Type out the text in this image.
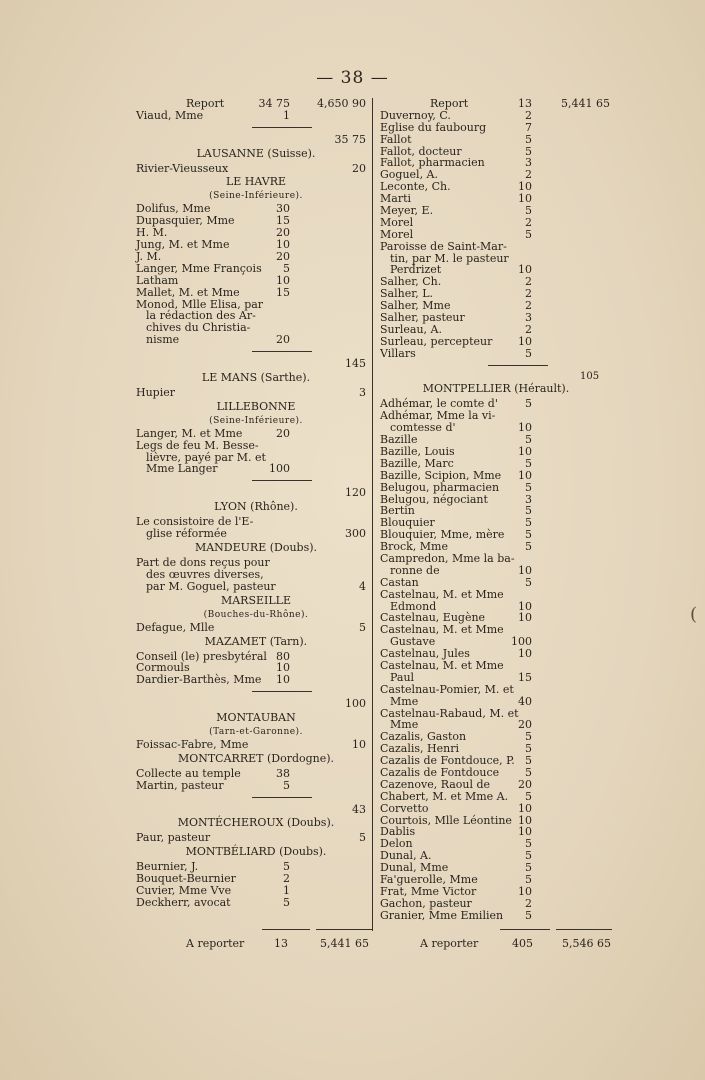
— 38 —
Report	34 75	4,650 90
Viaud, Mme	1
35 75
LAUSANNE (Suisse).
Rivier-Vieusseux	20
LE HAVRE
(Seine-Inférieure).
Dolifus, Mme	30
Dupasquier, Mme	15
H. M.	20
Jung, M. et Mme	10
J. M.	20
Langer, Mme François	5
Latham	10
Mallet, M. et Mme	15
Monod, Mlle Elisa, par
la rédaction des Ar-
chives du Christia-
nisme	20
145
LE MANS (Sarthe).
Hupier	3
LILLEBONNE
(Seine-Inférieure).
Langer, M. et Mme	20
Legs de feu M. Besse-
lièvre, payé par M. et
Mme Langer	100
120
LYON (Rhône).
Le consistoire de l'E-
glise réformée	300
MANDEURE (Doubs).
Part de dons reçus pour
des œuvres diverses,
par M. Goguel, pasteur	4
MARSEILLE
(Bouches-du-Rhône).
Defague, Mlle	5
MAZAMET (Tarn).
Conseil (le) presbytéral 80
Cormouls	10
Dardier-Barthès, Mme	10
100
MONTAUBAN
(Tarn-et-Garonne).
Foissac-Fabre, Mme	10
MONTCARRET (Dordogne).
Collecte au temple	38
Martin, pasteur	5
43
MONTÉCHEROUX (Doubs).
Paur, pasteur	5
MONTBÉLIARD (Doubs).
Beurnier, J.	5
Bouquet-Beurnier	2
Cuvier, Mme Vve	1
Deckherr, avocat	5
Report	13	5,441 65
Duvernoy, C.	2
Eglise du faubourg	7
Fallot	5
Fallot, docteur	5
Fallot, pharmacien	3
Goguel, A.	2
Leconte, Ch.	10
Marti	10
Meyer, E.	5
Morel	2
Morel	5
Paroisse de Saint-Mar-
tin, par M. le pasteur
Perdrizet	10
Salher, Ch.	2
Salher, L.	2
Salher, Mme	2
Salher, pasteur	3
Surleau, A.	2
Surleau, percepteur	10
Villars	5
105
MONTPELLIER (Hérault).
Adhémar, le comte d'	5
Adhémar, Mme la vi-
comtesse d'	10
Bazille	5
Bazille, Louis	10
Bazille, Marc	5
Bazille, Scipion, Mme	10
Belugou, pharmacien	5
Belugou, négociant	3
Bertin	5
Blouquier	5
Blouquier, Mme, mère	5
Brock, Mme	5
Campredon, Mme la ba-
ronne de	10
Castan	5
Castelnau, M. et Mme
Edmond	10
Castelnau, Eugène	10
Castelnau, M. et Mme
Gustave	100
Castelnau, Jules	10
Castelnau, M. et Mme
Paul	15
Castelnau-Pomier, M. et
Mme	40
Castelnau-Rabaud, M. et
Mme	20
Cazalis, Gaston	5
Cazalis, Henri	5
Cazalis de Fontdouce, P. 5
Cazalis de Fontdouce	5
Cazenove, Raoul de	20
Chabert, M. et Mme A.	5
Corvetto	10
Courtois, Mlle Léontine 10
Dablis	10
Delon	5
Dunal, A.	5
Dunal, Mme	5
Fa'guerolle, Mme	5
Frat, Mme Victor	10
Gachon, pasteur	2
Granier, Mme Emilien	5
A reporter	13	5,441 65	A reporter	405	5,546 65
(
